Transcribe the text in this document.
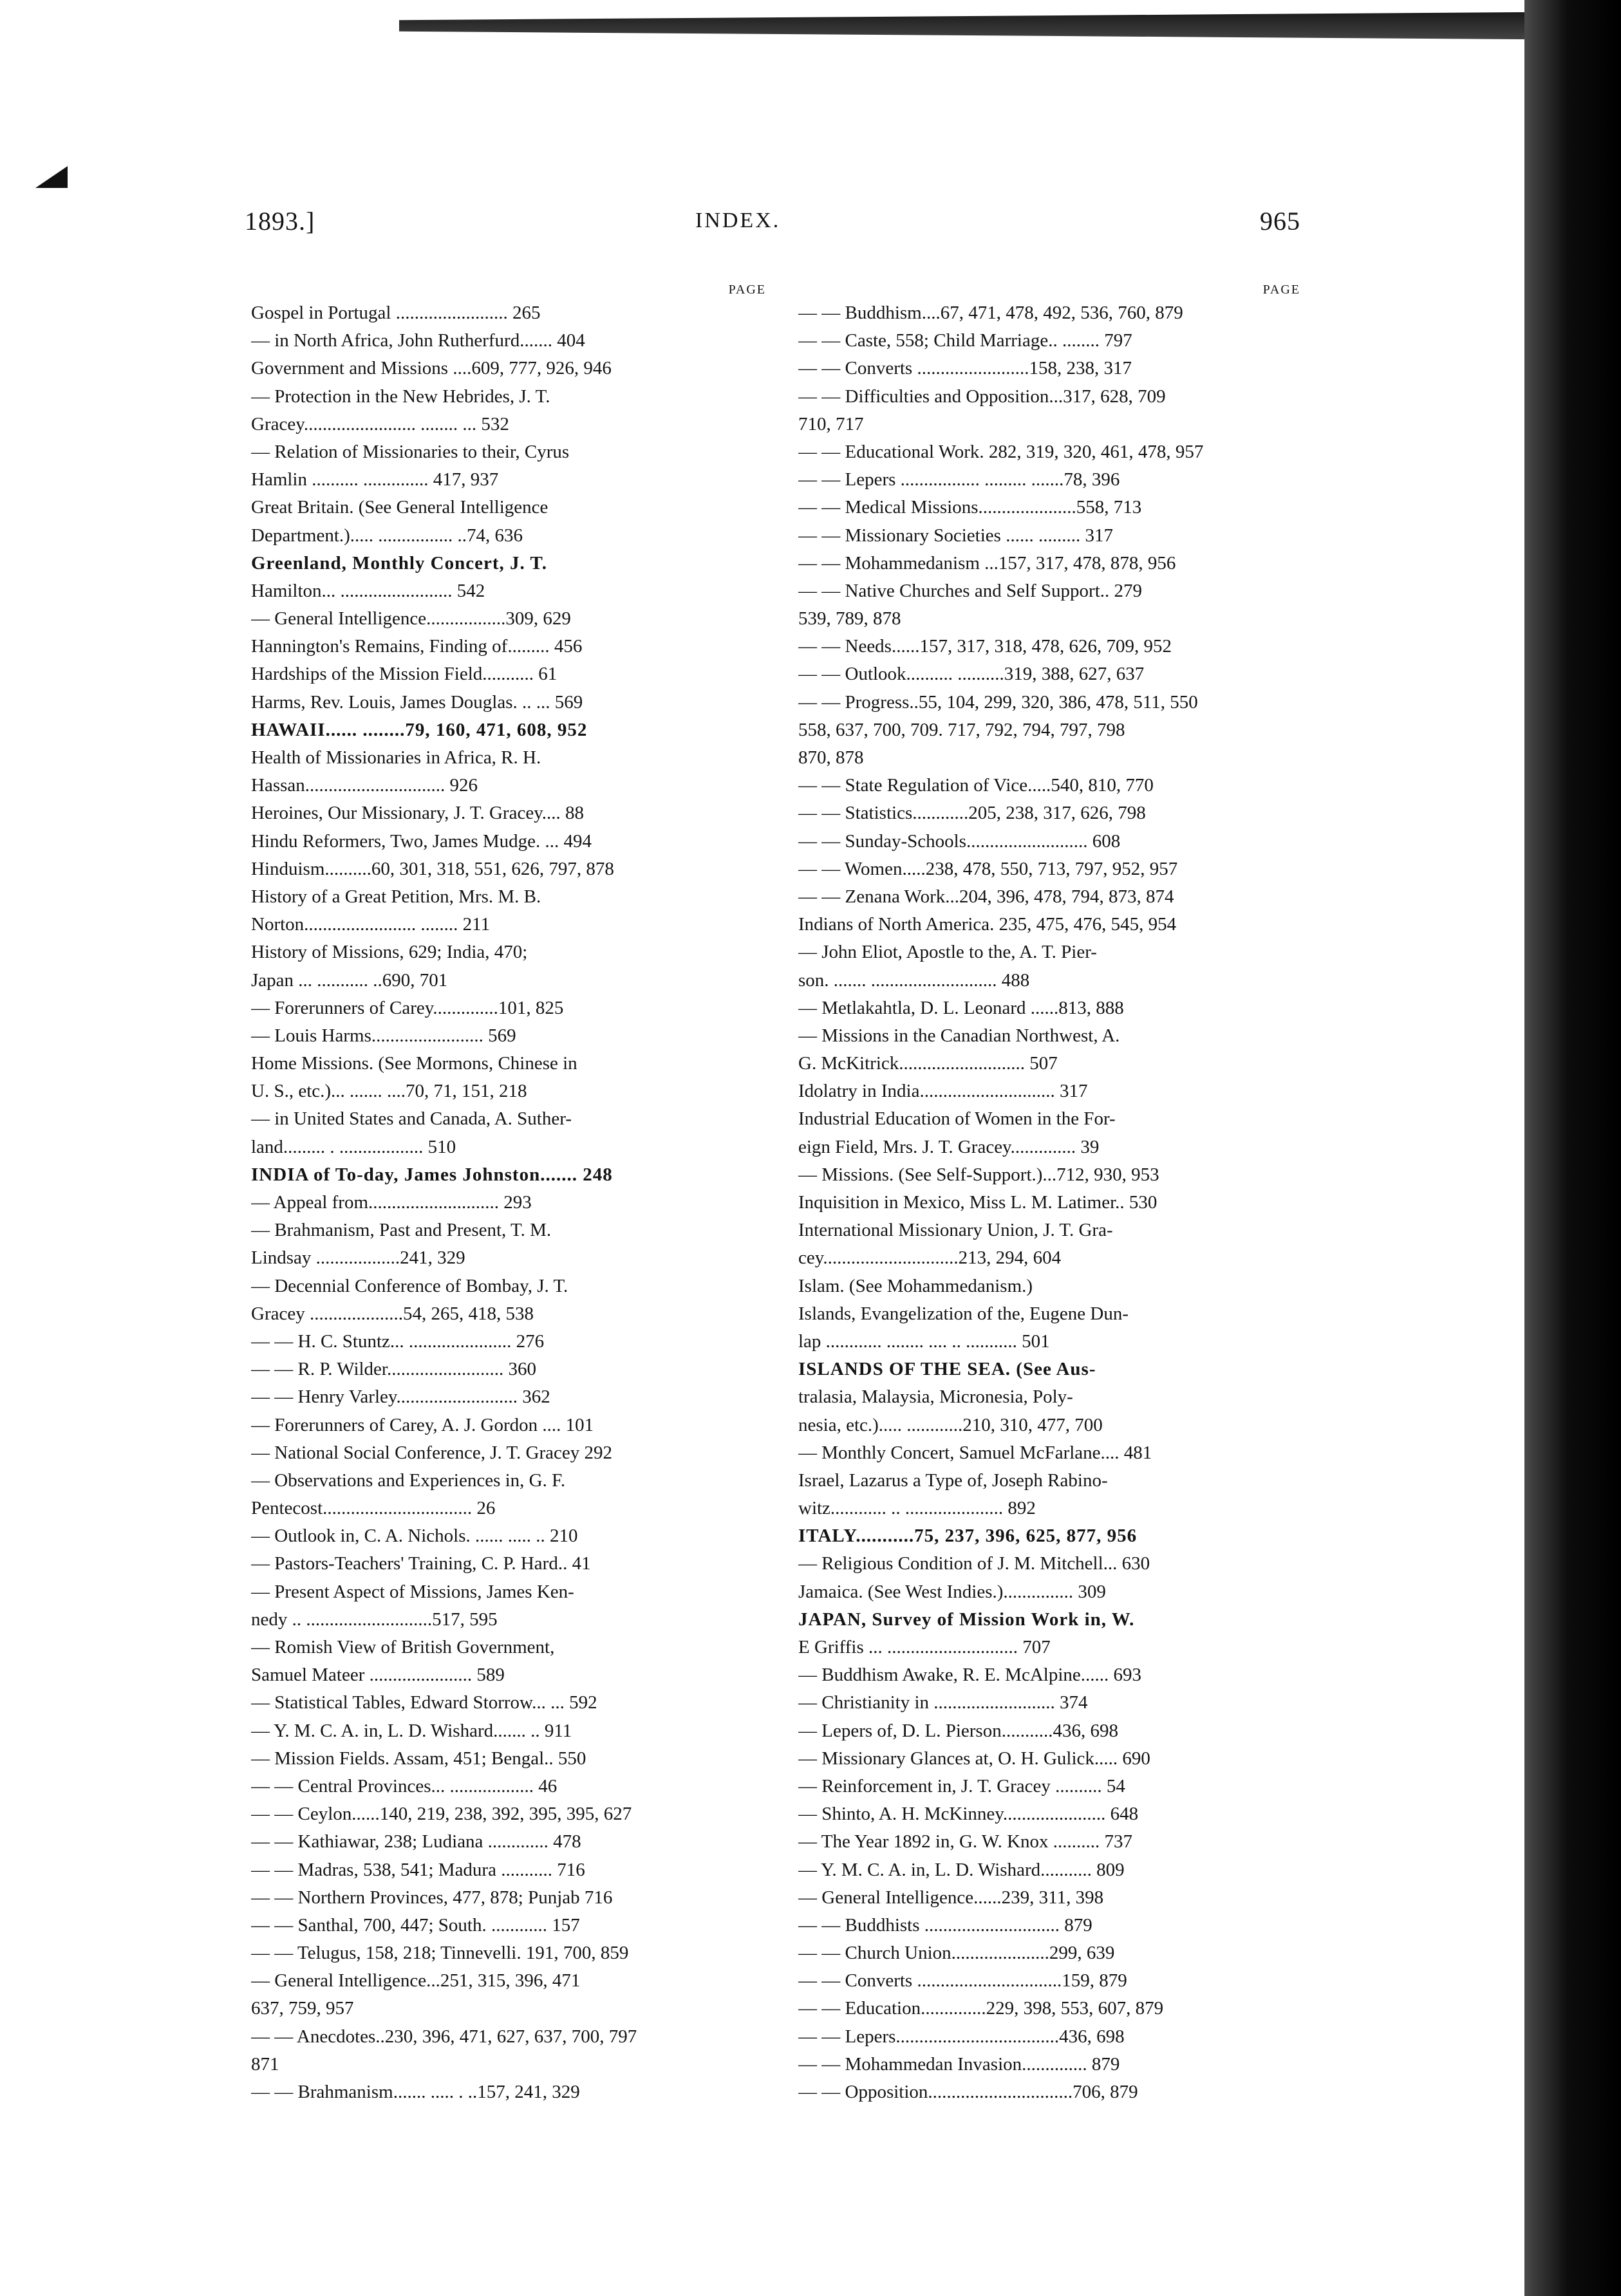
1893.]	INDEX.	965
PAGE
Gospel in Portugal ........................ 265
— in North Africa, John Rutherfurd....... 404
Government and Missions ....609, 777, 926, 946
— Protection in the New Hebrides, J. T.
Gracey........................ ........ ... 532
— Relation of Missionaries to their, Cyrus
Hamlin .......... .............. 417, 937
Great Britain. (See General Intelligence
Department.)..... ................ ..74, 636
Greenland, Monthly Concert, J. T.
Hamilton... ........................ 542
— General Intelligence.................309, 629
Hannington's Remains, Finding of......... 456
Hardships of the Mission Field........... 61
Harms, Rev. Louis, James Douglas. .. ... 569
HAWAII...... ........79, 160, 471, 608, 952
Health of Missionaries in Africa, R. H.
Hassan.............................. 926
Heroines, Our Missionary, J. T. Gracey.... 88
Hindu Reformers, Two, James Mudge. ... 494
Hinduism..........60, 301, 318, 551, 626, 797, 878
History of a Great Petition, Mrs. M. B.
Norton........................ ........ 211
History of Missions, 629; India, 470;
Japan ... ........... ..690, 701
— Forerunners of Carey..............101, 825
— Louis Harms........................ 569
Home Missions. (See Mormons, Chinese in
U. S., etc.)... ....... ....70, 71, 151, 218
— in United States and Canada, A. Suther-
land......... . .................. 510
INDIA of To-day, James Johnston....... 248
— Appeal from............................ 293
— Brahmanism, Past and Present, T. M.
Lindsay ..................241, 329
— Decennial Conference of Bombay, J. T.
Gracey ....................54, 265, 418, 538
— — H. C. Stuntz... ...................... 276
— — R. P. Wilder......................... 360
— — Henry Varley.......................... 362
— Forerunners of Carey, A. J. Gordon .... 101
— National Social Conference, J. T. Gracey 292
— Observations and Experiences in, G. F.
Pentecost................................ 26
— Outlook in, C. A. Nichols. ...... ..... .. 210
— Pastors-Teachers' Training, C. P. Hard.. 41
— Present Aspect of Missions, James Ken-
nedy .. ...........................517, 595
— Romish View of British Government,
Samuel Mateer ...................... 589
— Statistical Tables, Edward Storrow... ... 592
— Y. M. C. A. in, L. D. Wishard....... .. 911
— Mission Fields. Assam, 451; Bengal.. 550
— — Central Provinces... .................. 46
— — Ceylon......140, 219, 238, 392, 395, 395, 627
— — Kathiawar, 238; Ludiana ............. 478
— — Madras, 538, 541; Madura ........... 716
— — Northern Provinces, 477, 878; Punjab 716
— — Santhal, 700, 447; South. ............ 157
— — Telugus, 158, 218; Tinnevelli. 191, 700, 859
— General Intelligence...251, 315, 396, 471
637, 759, 957
— — Anecdotes..230, 396, 471, 627, 637, 700, 797
871
— — Brahmanism....... ..... . ..157, 241, 329
PAGE
— — Buddhism....67, 471, 478, 492, 536, 760, 879
— — Caste, 558; Child Marriage.. ........ 797
— — Converts ........................158, 238, 317
— — Difficulties and Opposition...317, 628, 709
710, 717
— — Educational Work. 282, 319, 320, 461, 478, 957
— — Lepers ................. ......... .......78, 396
— — Medical Missions.....................558, 713
— — Missionary Societies ...... ......... 317
— — Mohammedanism ...157, 317, 478, 878, 956
— — Native Churches and Self Support.. 279
539, 789, 878
— — Needs......157, 317, 318, 478, 626, 709, 952
— — Outlook.......... ..........319, 388, 627, 637
— — Progress..55, 104, 299, 320, 386, 478, 511, 550
558, 637, 700, 709. 717, 792, 794, 797, 798
870, 878
— — State Regulation of Vice.....540, 810, 770
— — Statistics............205, 238, 317, 626, 798
— — Sunday-Schools.......................... 608
— — Women.....238, 478, 550, 713, 797, 952, 957
— — Zenana Work...204, 396, 478, 794, 873, 874
Indians of North America. 235, 475, 476, 545, 954
— John Eliot, Apostle to the, A. T. Pier-
son. ....... ........................... 488
— Metlakahtla, D. L. Leonard ......813, 888
— Missions in the Canadian Northwest, A.
G. McKitrick........................... 507
Idolatry in India............................. 317
Industrial Education of Women in the For-
eign Field, Mrs. J. T. Gracey.............. 39
— Missions. (See Self-Support.)...712, 930, 953
Inquisition in Mexico, Miss L. M. Latimer.. 530
International Missionary Union, J. T. Gra-
cey.............................213, 294, 604
Islam. (See Mohammedanism.)
Islands, Evangelization of the, Eugene Dun-
lap ............ ........ .... .. ........... 501
ISLANDS OF THE SEA. (See Aus-
tralasia, Malaysia, Micronesia, Poly-
nesia, etc.)..... ............210, 310, 477, 700
— Monthly Concert, Samuel McFarlane.... 481
Israel, Lazarus a Type of, Joseph Rabino-
witz............ .. ..................... 892
ITALY...........75, 237, 396, 625, 877, 956
— Religious Condition of J. M. Mitchell... 630
Jamaica. (See West Indies.)............... 309
JAPAN, Survey of Mission Work in, W.
E Griffis ... ............................ 707
— Buddhism Awake, R. E. McAlpine...... 693
— Christianity in .......................... 374
— Lepers of, D. L. Pierson...........436, 698
— Missionary Glances at, O. H. Gulick..... 690
— Reinforcement in, J. T. Gracey .......... 54
— Shinto, A. H. McKinney...................... 648
— The Year 1892 in, G. W. Knox .......... 737
— Y. M. C. A. in, L. D. Wishard........... 809
— General Intelligence......239, 311, 398
— — Buddhists ............................. 879
— — Church Union.....................299, 639
— — Converts ...............................159, 879
— — Education..............229, 398, 553, 607, 879
— — Lepers...................................436, 698
— — Mohammedan Invasion.............. 879
— — Opposition...............................706, 879
